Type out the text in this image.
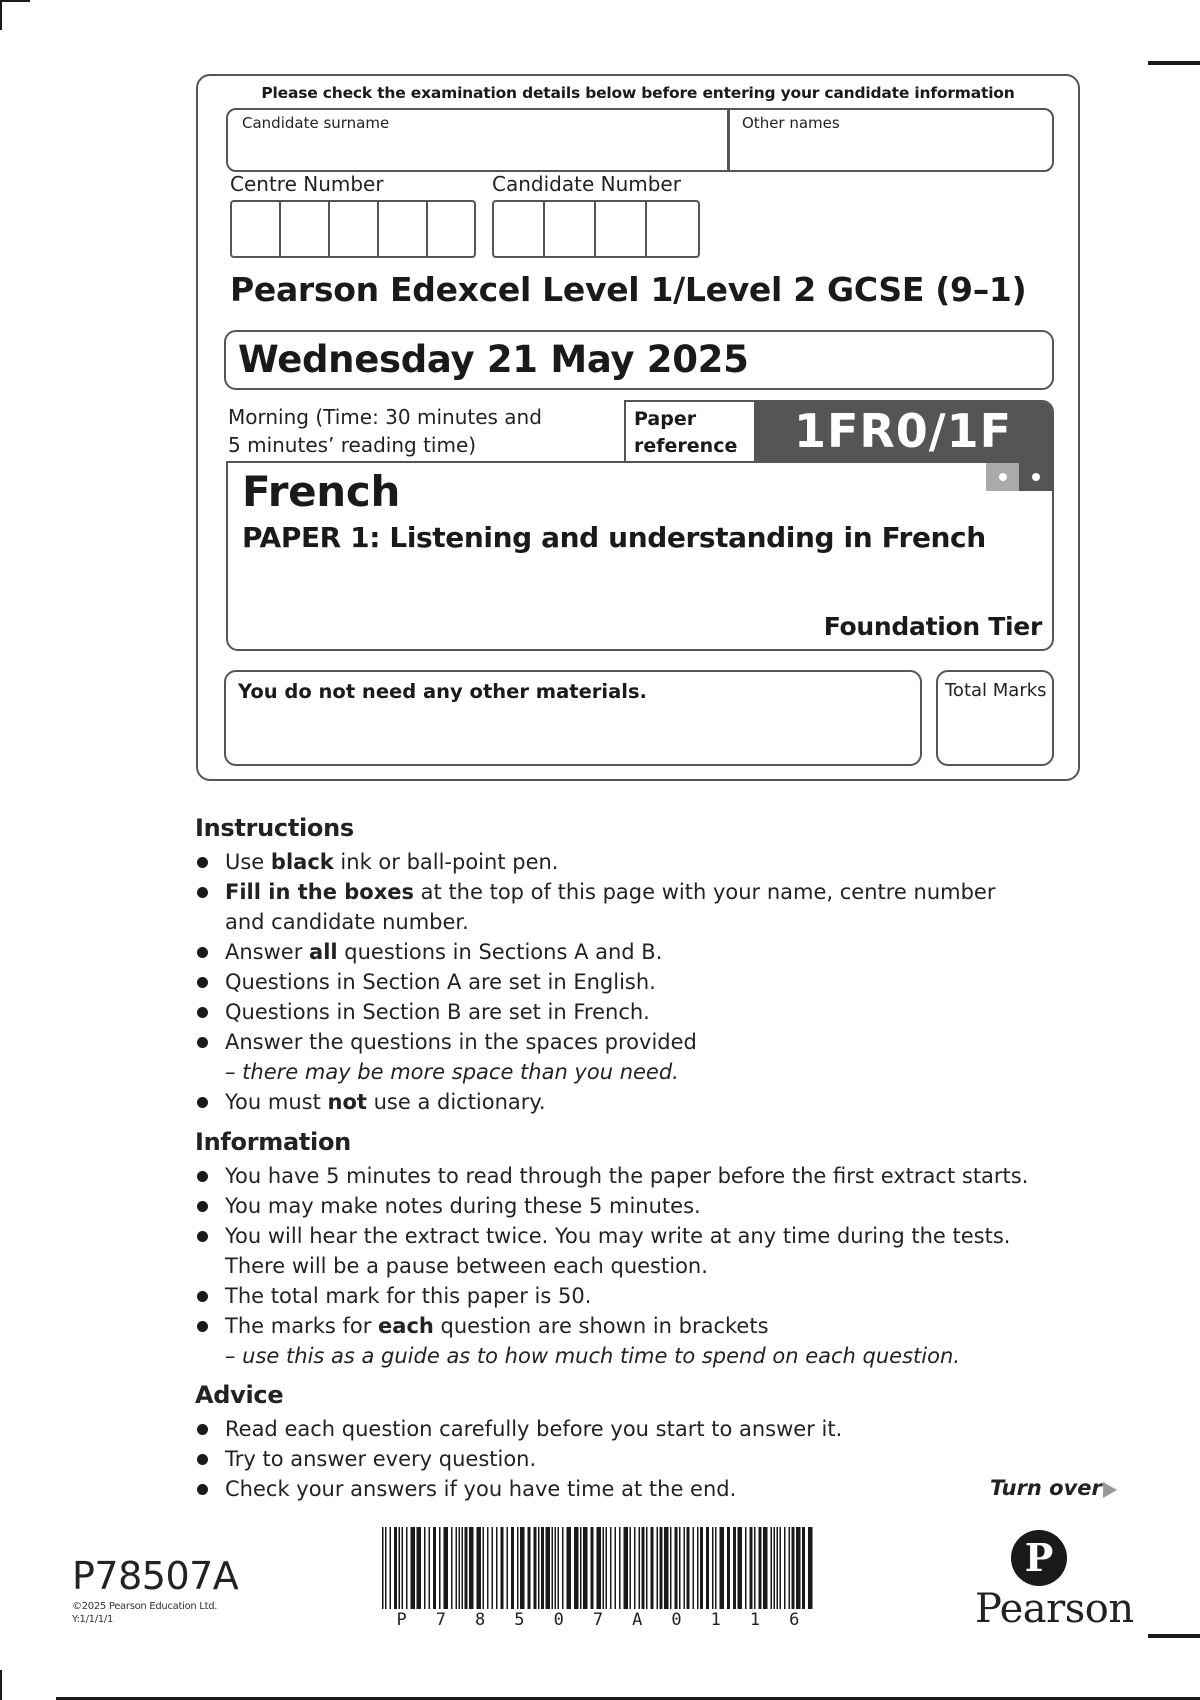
Please check the examination details below before entering your candidate information
Candidate surname	Other names
Centre Number	Candidate Number
Pearson Edexcel Level 1/Level 2 GCSE (9–1)
Wednesday 21 May 2025
Morning (Time: 30 minutes and
5 minutes’ reading time)
Paper
reference	1FR0/1F
French
PAPER 1: Listening and understanding in French
Foundation Tier
You do not need any other materials.	Total Marks
Instructions
Use black ink or ball-point pen.
Fill in the boxes at the top of this page with your name, centre number
and candidate number.
Answer all questions in Sections A and B.
Questions in Section A are set in English.
Questions in Section B are set in French.
Answer the questions in the spaces provided
– there may be more space than you need.
You must not use a dictionary.
Information
You have 5 minutes to read through the paper before the first extract starts.
You may make notes during these 5 minutes.
You will hear the extract twice. You may write at any time during the tests.
There will be a pause between each question.
The total mark for this paper is 50.
The marks for each question are shown in brackets
– use this as a guide as to how much time to spend on each question.
Advice
Read each question carefully before you start to answer it.
Try to answer every question.
Check your answers if you have time at the end.	Turn over
P78507A
©2025 Pearson Education Ltd.
Y:1/1/1/1	P 7 8 5 0 7 A 0 1 1 6
P
Pearson
